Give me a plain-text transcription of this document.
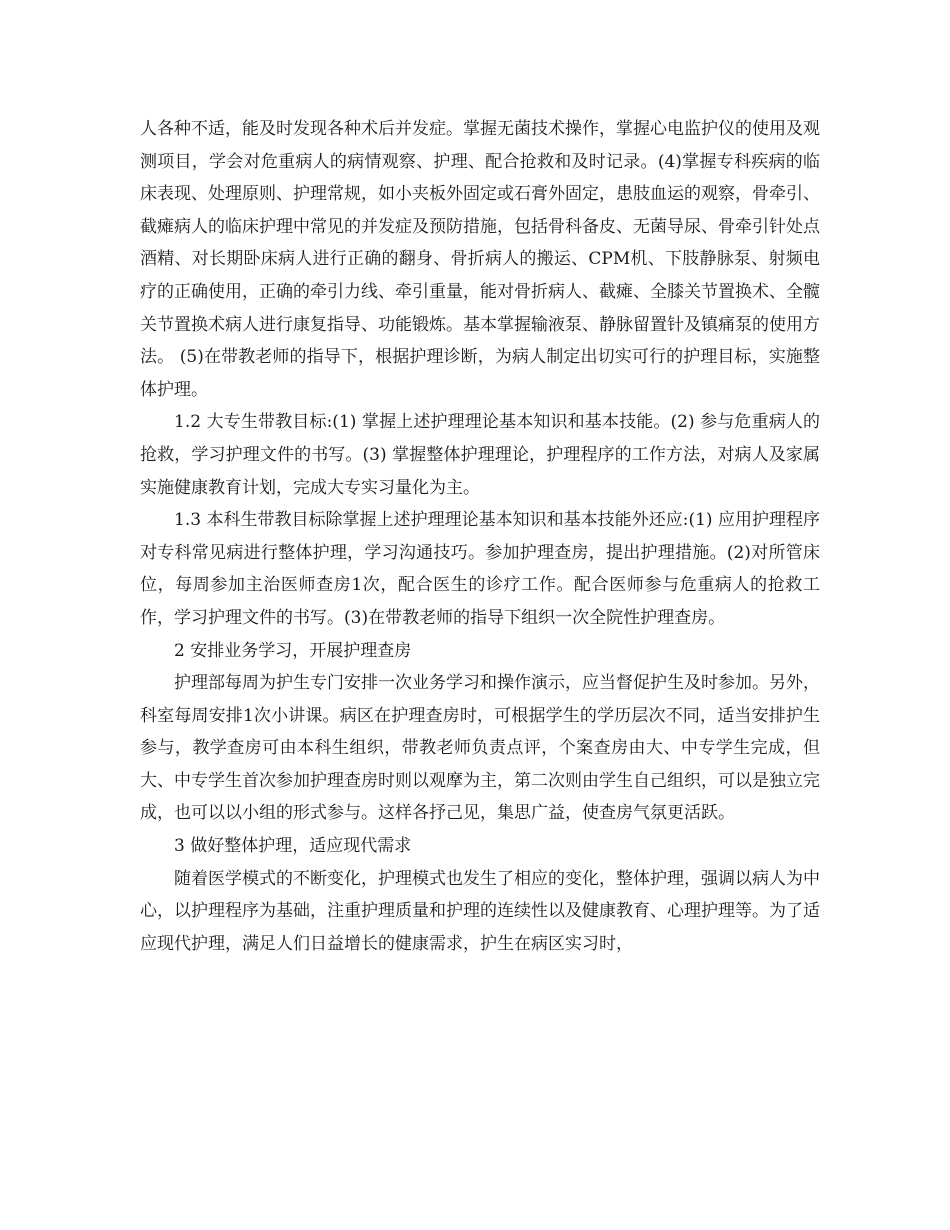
人各种不适，能及时发现各种术后并发症。掌握无菌技术操作，掌握心电监护仪的使用及观测项目，学会对危重病人的病情观察、护理、配合抢救和及时记录。(4)掌握专科疾病的临床表现、处理原则、护理常规，如小夹板外固定或石膏外固定，患肢血运的观察，骨牵引、截瘫病人的临床护理中常见的并发症及预防措施，包括骨科备皮、无菌导尿、骨牵引针处点酒精、对长期卧床病人进行正确的翻身、骨折病人的搬运、CPM机、下肢静脉泵、射频电疗的正确使用，正确的牵引力线、牵引重量，能对骨折病人、截瘫、全膝关节置换术、全髋关节置换术病人进行康复指导、功能锻炼。基本掌握输液泵、静脉留置针及镇痛泵的使用方法。 (5)在带教老师的指导下，根据护理诊断，为病人制定出切实可行的护理目标，实施整体护理。

1.2 大专生带教目标:(1) 掌握上述护理理论基本知识和基本技能。(2) 参与危重病人的抢救，学习护理文件的书写。(3) 掌握整体护理理论，护理程序的工作方法，对病人及家属实施健康教育计划，完成大专实习量化为主。

1.3 本科生带教目标除掌握上述护理理论基本知识和基本技能外还应:(1) 应用护理程序对专科常见病进行整体护理，学习沟通技巧。参加护理查房，提出护理措施。(2)对所管床位，每周参加主治医师查房1次，配合医生的诊疗工作。配合医师参与危重病人的抢救工作，学习护理文件的书写。(3)在带教老师的指导下组织一次全院性护理查房。

2 安排业务学习，开展护理查房

护理部每周为护生专门安排一次业务学习和操作演示，应当督促护生及时参加。另外，科室每周安排1次小讲课。病区在护理查房时，可根据学生的学历层次不同，适当安排护生参与，教学查房可由本科生组织，带教老师负责点评，个案查房由大、中专学生完成，但大、中专学生首次参加护理查房时则以观摩为主，第二次则由学生自己组织，可以是独立完成，也可以以小组的形式参与。这样各抒己见，集思广益，使查房气氛更活跃。

3 做好整体护理，适应现代需求

随着医学模式的不断变化，护理模式也发生了相应的变化，整体护理，强调以病人为中心，以护理程序为基础，注重护理质量和护理的连续性以及健康教育、心理护理等。为了适应现代护理，满足人们日益增长的健康需求，护生在病区实习时，
